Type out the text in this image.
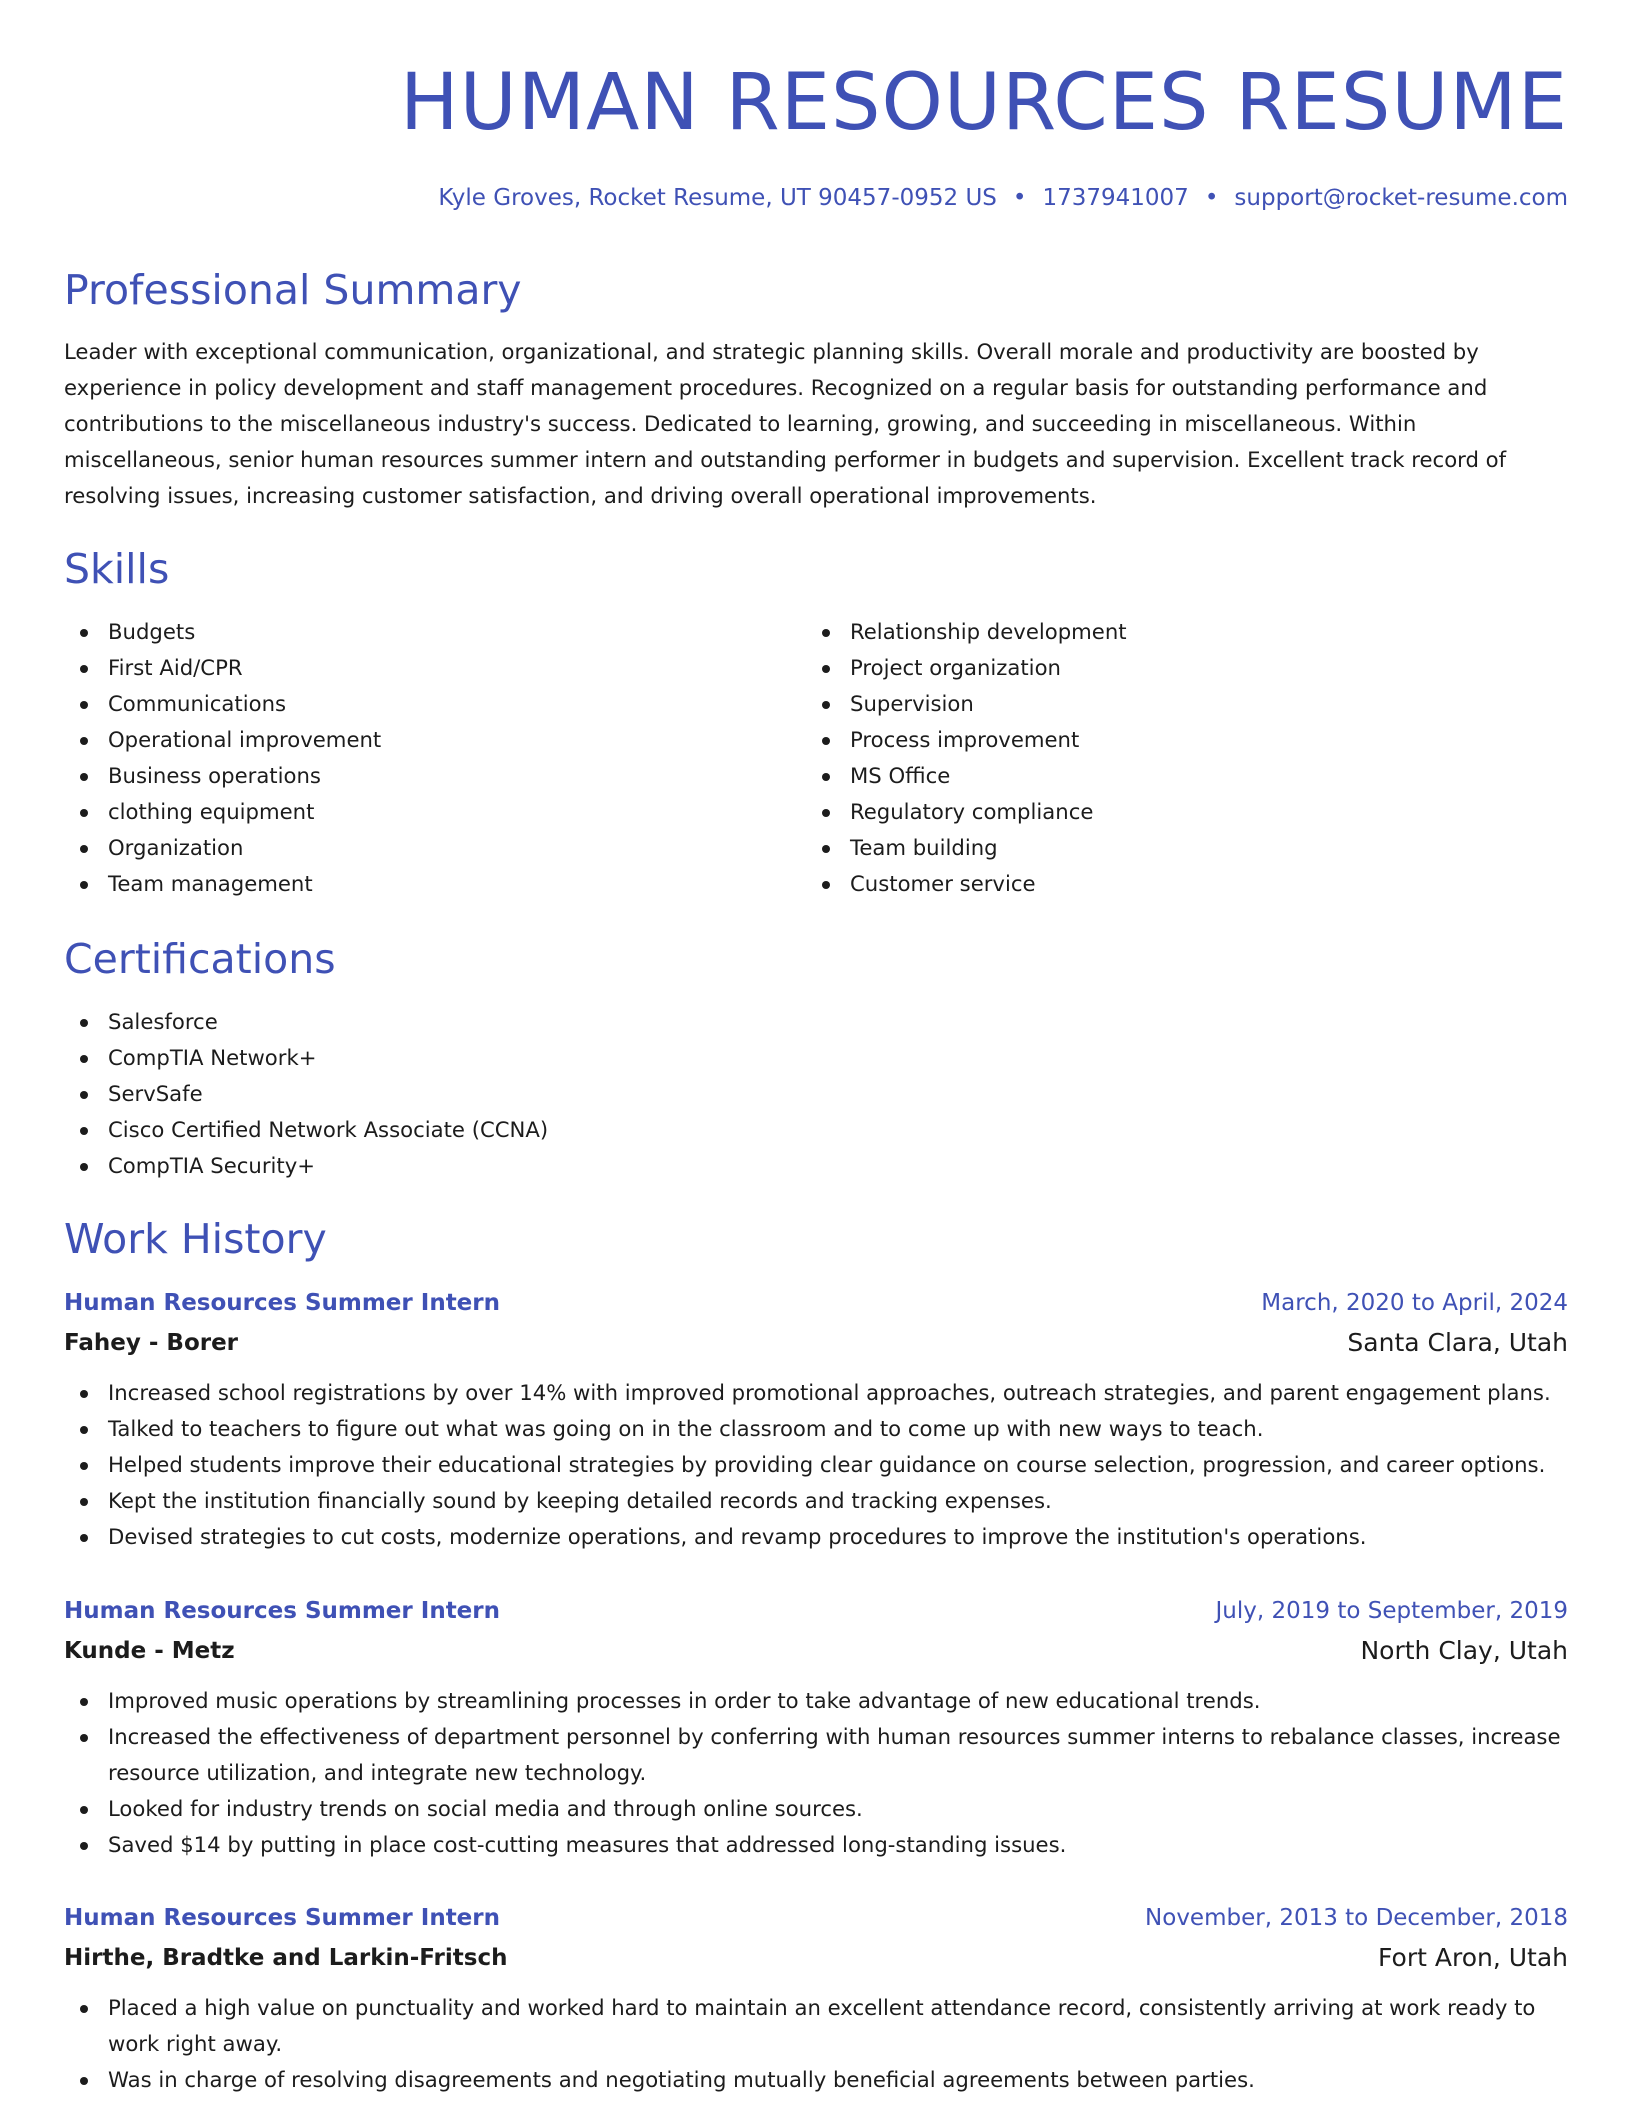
HUMAN RESOURCES RESUME
Kyle Groves, Rocket Resume, UT 90457-0952 US • 1737941007 • support@rocket-resume.com
Professional Summary

Leader with exceptional communication, organizational, and strategic planning skills. Overall morale and productivity are boosted by experience in policy development and staff management procedures. Recognized on a regular basis for outstanding performance and contributions to the miscellaneous industry's success. Dedicated to learning, growing, and succeeding in miscellaneous. Within miscellaneous, senior human resources summer intern and outstanding performer in budgets and supervision. Excellent track record of resolving issues, increasing customer satisfaction, and driving overall operational improvements.

Skills
Budgets
First Aid/CPR
Communications
Operational improvement
Business operations
clothing equipment
Organization
Team management
Relationship development
Project organization
Supervision
Process improvement
MS Office
Regulatory compliance
Team building
Customer service
Certifications
Salesforce
CompTIA Network+
ServSafe
Cisco Certified Network Associate (CCNA)
CompTIA Security+
Work History
Human Resources Summer Intern	March, 2020 to April, 2024
Fahey - Borer	Santa Clara, Utah
Increased school registrations by over 14% with improved promotional approaches, outreach strategies, and parent engagement plans.
Talked to teachers to figure out what was going on in the classroom and to come up with new ways to teach.
Helped students improve their educational strategies by providing clear guidance on course selection, progression, and career options.
Kept the institution financially sound by keeping detailed records and tracking expenses.
Devised strategies to cut costs, modernize operations, and revamp procedures to improve the institution's operations.
Human Resources Summer Intern	July, 2019 to September, 2019
Kunde - Metz	North Clay, Utah
Improved music operations by streamlining processes in order to take advantage of new educational trends.
Increased the effectiveness of department personnel by conferring with human resources summer interns to rebalance classes, increase resource utilization, and integrate new technology.
Looked for industry trends on social media and through online sources.
Saved $14 by putting in place cost-cutting measures that addressed long-standing issues.
Human Resources Summer Intern	November, 2013 to December, 2018
Hirthe, Bradtke and Larkin-Fritsch	Fort Aron, Utah
Placed a high value on punctuality and worked hard to maintain an excellent attendance record, consistently arriving at work ready to work right away.
Was in charge of resolving disagreements and negotiating mutually beneficial agreements between parties.
